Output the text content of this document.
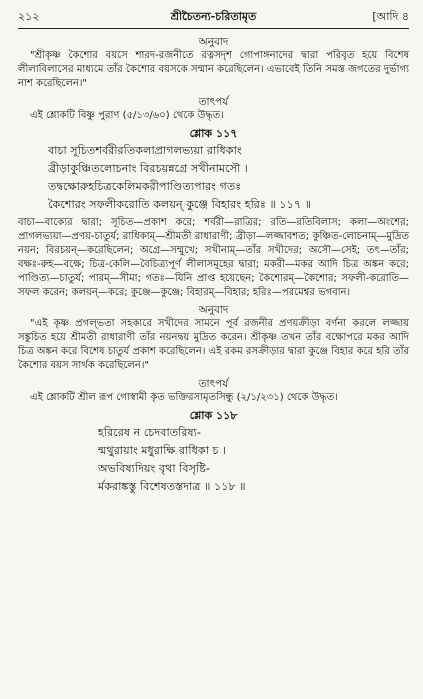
২১২	শ্রীচৈতন্য-চরিতামৃত	[আদি ৪

অনুবাদ

"শ্রীকৃষ্ণ কৈশোর বয়সে শারদ-রজনীতে রত্নসদৃশ গোপাঙ্গনাদের দ্বারা পরিবৃত হয়ে বিশেষ লীলাবিলাসের মাধ্যমে তাঁর কৈশোর বয়সকে সম্মান করেছিলেন। এভাবেই তিনি সমস্ত জগতের দুর্ভাগ্য নাশ করেছিলেন।"

তাৎপর্য

এই শ্লোকটি বিষ্ণু পুরাণ (৫/১৩/৬০) থেকে উদ্ধৃত।

শ্লোক ১১৭

বাচা সূচিতশর্বরীরতিকলাপ্রাগলভ্যয়া রাধিকাং

ব্রীড়াকুঞ্চিতলোচনাং বিরচয়ন্নগ্রে সখীনামসৌ ।

তদ্বক্ষোরুহচিত্রকেলিমকরীপাণ্ডিত্যপারং গতঃ

কৈশোরং সফলীকরোতি কলয়ন্ কুঞ্জে বিহারং হরিঃ ॥ ১১৭ ॥

বাচা—বাক্যের দ্বারা; সূচিত—প্রকাশ করে; শর্বরী—রাত্রির; রতি—রতিবিলাস; কলা—অংশের; প্রাগলভ্যয়া—প্রণয়-চাতুর্য; রাধিকাম্—শ্রীমতী রাধারাণী; ব্রীড়া—লজ্জাবশত; কুঞ্চিত-লোচনাম্—মুদ্রিত নয়ন; বিরচয়ন্—করেছিলেন; অগ্রে—সম্মুখে; সখীনাম্—তাঁর সখীদের; অসৌ—সেই; তৎ—তাঁর; বক্ষঃ-রুহ—বক্ষে; চিত্র-কেলি—বৈচিত্র্যপূর্ণ লীলাসমূহের দ্বারা; মকরী—মকর আদি চিত্র অঙ্কন করে; পাণ্ডিত্য—চাতুর্য; পারম্—সীমা; গতঃ—যিনি প্রাপ্ত হয়েছেন; কৈশোরম্—কৈশোর; সফলী-করোতি—সফল করেন; কলয়ন্—করে; কুঞ্জে—কুঞ্জে; বিহারম্—বিহার; হরিঃ—পরমেশ্বর ভগবান।

অনুবাদ

"এই কৃষ্ণ প্রগল্ভতা সহকারে সখীদের সামনে পূর্ব রজনীর প্রণয়ক্রীড়া বর্ণনা করলে লজ্জায় সঙ্কুচিত হয়ে শ্রীমতী রাধারাণী তাঁর নয়নদ্বয় মুদ্রিত করেন। শ্রীকৃষ্ণ তখন তাঁর বক্ষোপরে মকর আদি চিত্র অঙ্কন করে বিশেষ চাতুর্য প্রকাশ করেছিলেন। এই রকম রসক্রীড়ার দ্বারা কুঞ্জে বিহার করে হরি তাঁর কৈশোর বয়স সার্থক করেছিলেন।"

তাৎপর্য

এই শ্লোকটি শ্রীল রূপ গোস্বামী কৃত ভক্তিরসামৃতসিন্ধু (২/১/২৩১) থেকে উদ্ধৃত।

শ্লোক ১১৮

হরিরেষ ন চেদবাতরিষ্য-

ন্মথুরায়াং মধুরাক্ষি রাধিকা চ ।

অভবিষ্যদিয়ং বৃথা বিসৃষ্টি-

র্মকরাঙ্কস্তু বিশেষতস্তদাত্র ॥ ১১৮ ॥
